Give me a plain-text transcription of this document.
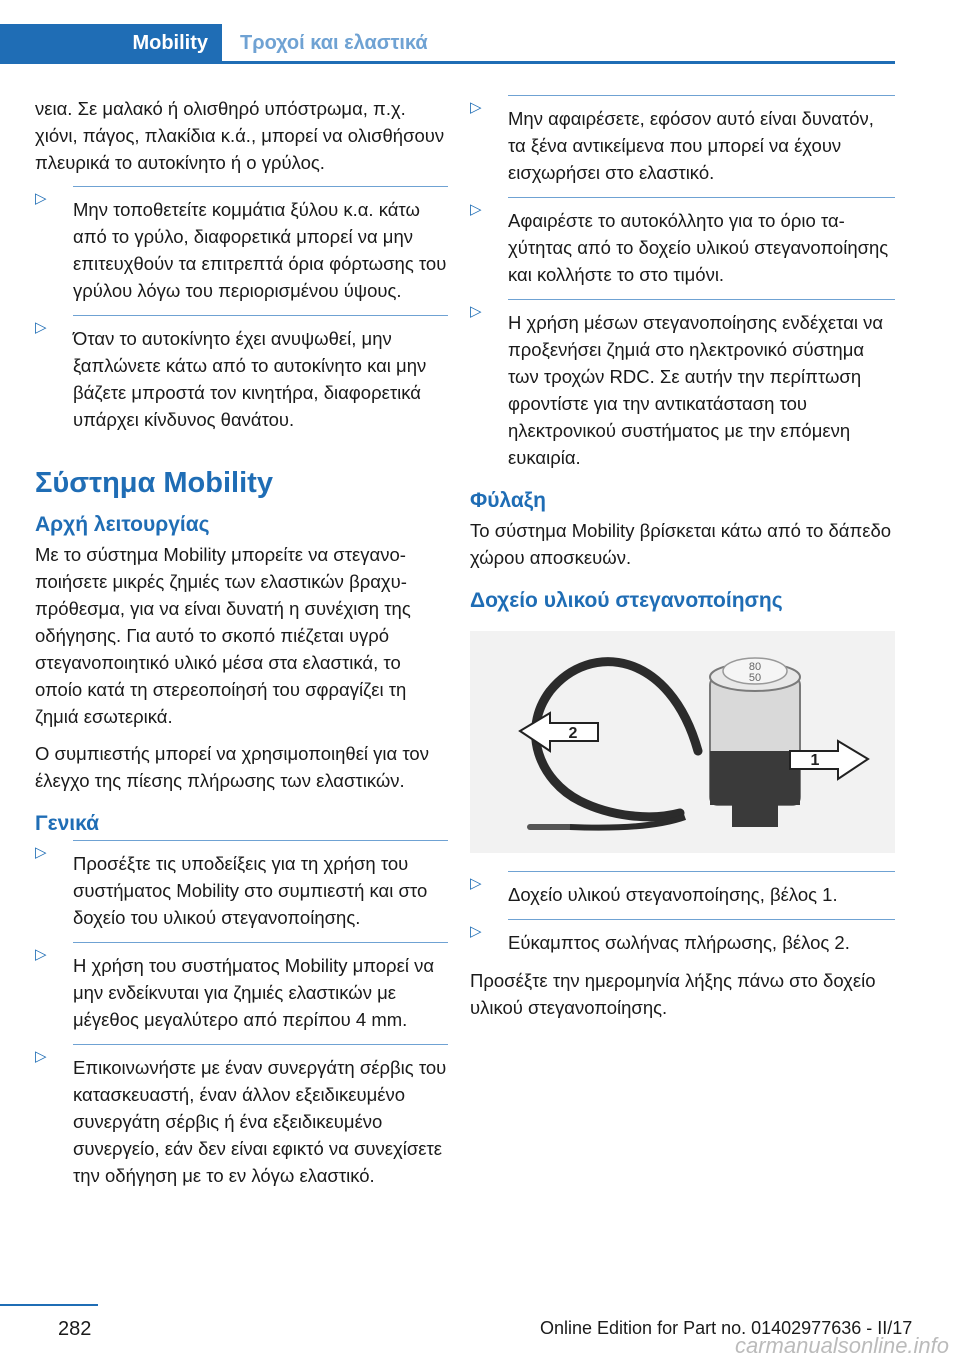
Mobility	Τροχοί και ελαστικά
νεια. Σε μαλακό ή ολισθηρό υπόστρωμα, π.χ. χιόνι, πάγος, πλακίδια κ.ά., μπορεί να ολισθήσουν πλευρικά το αυτοκίνητο ή ο γρύλος.
▷
Μην τοποθετείτε κομμάτια ξύλου κ.α. κάτω από το γρύλο, διαφορετικά μπορεί να μην επιτευχθούν τα επιτρεπτά όρια φόρτωσης του γρύλου λόγω του περιορισμένου ύψους.
▷
Όταν το αυτοκίνητο έχει ανυψωθεί, μην ξαπλώνετε κάτω από το αυτοκίνητο και μην βάζετε μπροστά τον κινητήρα, διαφορετικά υπάρχει κίνδυνος θανάτου.
Σύστημα Mobility
Αρχή λειτουργίας

Με το σύστημα Mobility μπορείτε να στεγανοποιήσετε μικρές ζημιές των ελαστικών βραχυπρόθεσμα, για να είναι δυνατή η συνέχιση της οδήγησης. Για αυτό το σκοπό πιέζεται υγρό στεγανοποιητικό υλικό μέσα στα ελαστικά, το οποίο κατά τη στερεοποίησή του σφραγίζει τη ζημιά εσωτερικά.

Ο συμπιεστής μπορεί να χρησιμοποιηθεί για τον έλεγχο της πίεσης πλήρωσης των ελαστικών.

Γενικά
▷
Προσέξτε τις υποδείξεις για τη χρήση του συστήματος Mobility στο συμπιεστή και στο δοχείο του υλικού στεγανοποίησης.
▷
Η χρήση του συστήματος Mobility μπορεί να μην ενδείκνυται για ζημιές ελαστικών με μέγεθος μεγαλύτερο από περίπου 4 mm.
▷
Επικοινωνήστε με έναν συνεργάτη σέρβις του κατασκευαστή, έναν άλλον εξειδικευμένο συνεργάτη σέρβις ή ένα εξειδικευμένο συνεργείο, εάν δεν είναι εφικτό να συνεχίσετε την οδήγηση με το εν λόγω ελαστικό.
▷
Μην αφαιρέσετε, εφόσον αυτό είναι δυνατόν, τα ξένα αντικείμενα που μπορεί να έχουν εισχωρήσει στο ελαστικό.
▷
Αφαιρέστε το αυτοκόλλητο για το όριο ταχύτητας από το δοχείο υλικού στεγανοποίησης και κολλήστε το στο τιμόνι.
▷
Η χρήση μέσων στεγανοποίησης ενδέχεται να προξενήσει ζημιά στο ηλεκτρονικό σύστημα των τροχών RDC. Σε αυτήν την περίπτωση φροντίστε για την αντικατάσταση του ηλεκτρονικού συστήματος με την επόμενη ευκαιρία.
Φύλαξη

Το σύστημα Mobility βρίσκεται κάτω από το δάπεδο χώρου αποσκευών.

Δοχείο υλικού στεγανοποίησης
80
50
2
1
▷
Δοχείο υλικού στεγανοποίησης, βέλος 1.
▷
Εύκαμπτος σωλήνας πλήρωσης, βέλος 2.

Προσέξτε την ημερομηνία λήξης πάνω στο δοχείο υλικού στεγανοποίησης.

282	Online Edition for Part no. 01402977636 - II/17
carmanualsonline.info
